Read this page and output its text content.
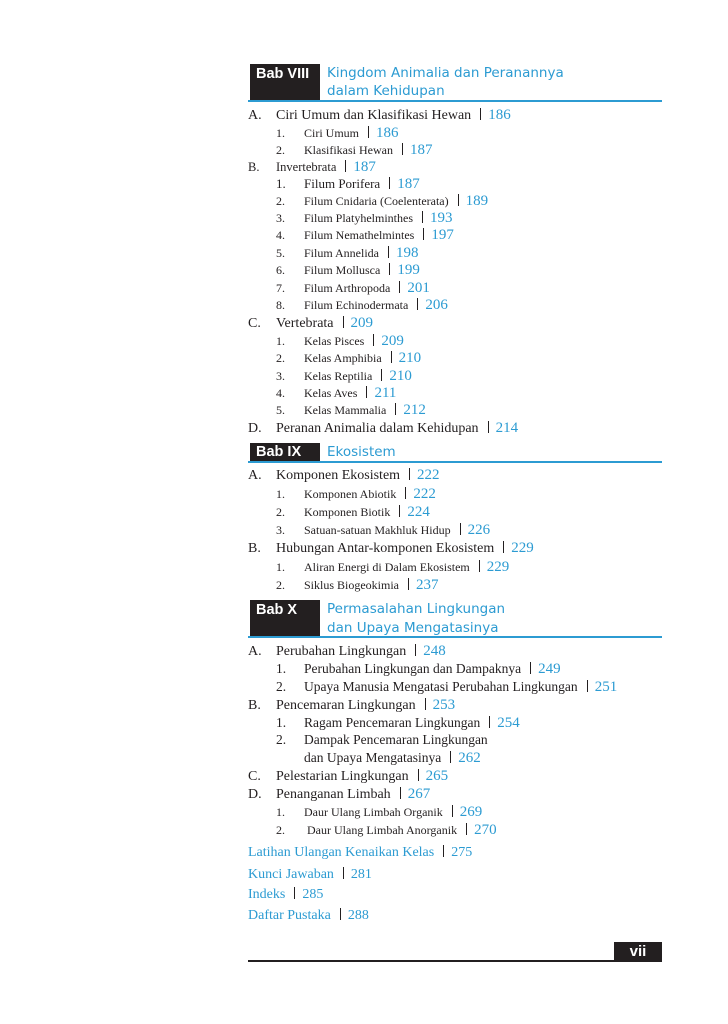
Bab VIII	Kingdom Animalia dan Peranannya
dalam Kehidupan
A. Ciri Umum dan Klasifikasi Hewan 186
1. Ciri Umum 186
2. Klasifikasi Hewan 187
B. Invertebrata 187
1. Filum Porifera 187
2. Filum Cnidaria (Coelenterata) 189
3. Filum Platyhelminthes 193
4. Filum Nemathelmintes 197
5. Filum Annelida 198
6. Filum Mollusca 199
7. Filum Arthropoda 201
8. Filum Echinodermata 206
C. Vertebrata 209
1. Kelas Pisces 209
2. Kelas Amphibia 210
3. Kelas Reptilia 210
4. Kelas Aves 211
5. Kelas Mammalia 212
D. Peranan Animalia dalam Kehidupan 214
Bab IX	Ekosistem
A. Komponen Ekosistem 222
1. Komponen Abiotik 222
2. Komponen Biotik 224
3. Satuan-satuan Makhluk Hidup 226
B. Hubungan Antar-komponen Ekosistem 229
1. Aliran Energi di Dalam Ekosistem 229
2. Siklus Biogeokimia 237
Bab X	Permasalahan Lingkungan
dan Upaya Mengatasinya
A. Perubahan Lingkungan 248
1. Perubahan Lingkungan dan Dampaknya 249
2. Upaya Manusia Mengatasi Perubahan Lingkungan 251
B. Pencemaran Lingkungan 253
1. Ragam Pencemaran Lingkungan 254
2. Dampak Pencemaran Lingkungan
dan Upaya Mengatasinya 262
C. Pelestarian Lingkungan 265
D. Penanganan Limbah 267
1. Daur Ulang Limbah Organik 269
2. Daur Ulang Limbah Anorganik 270
Latihan Ulangan Kenaikan Kelas 275
Kunci Jawaban 281
Indeks 285
Daftar Pustaka 288
vii
